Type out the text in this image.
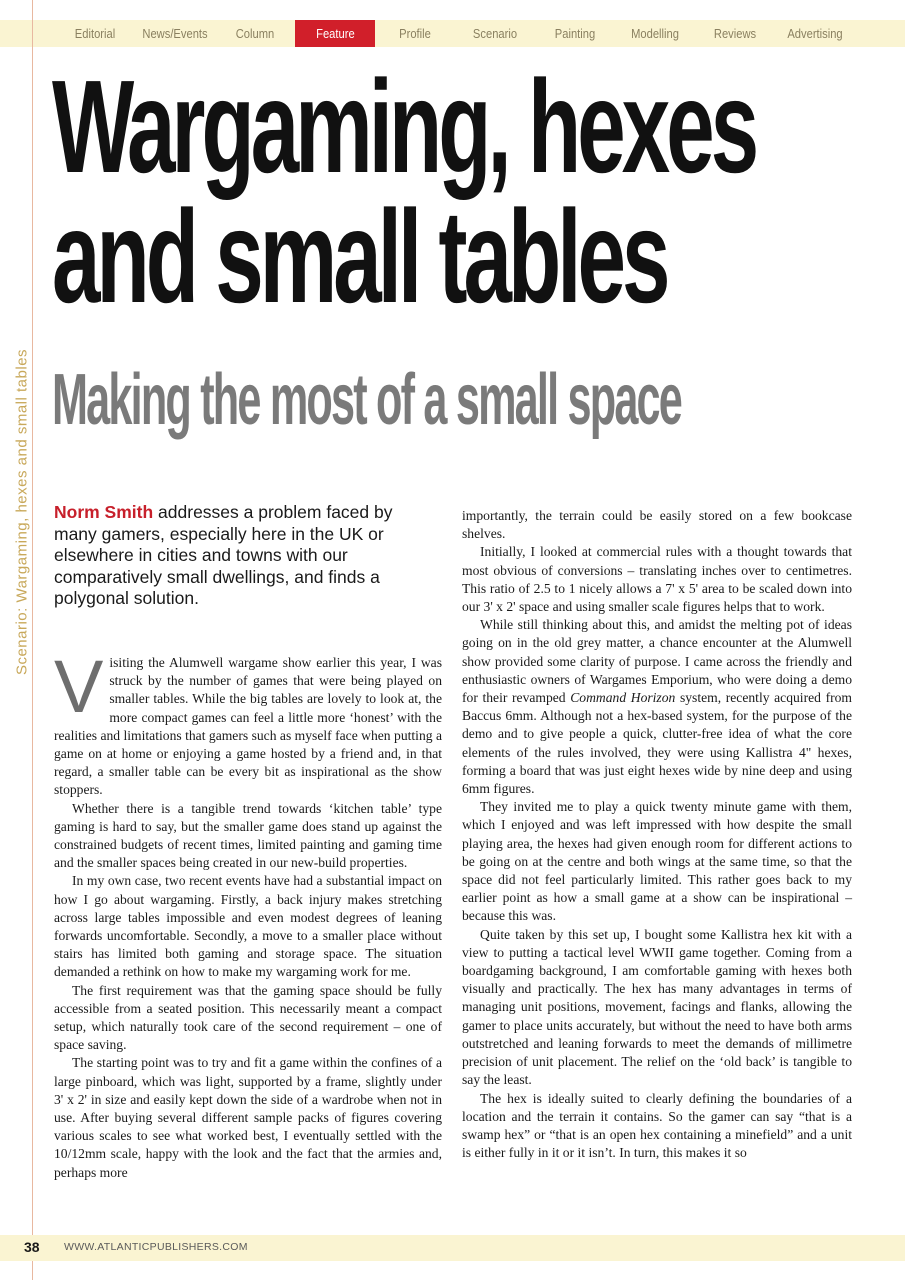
Editorial	News/Events	Column	Feature	Profile	Scenario	Painting	Modelling	Reviews	Advertising
Scenario: Wargaming, hexes and small tables
Wargaming, hexes
and small tables
Making the most of a small space

Norm Smith addresses a problem faced by many gamers, especially here in the UK or elsewhere in cities and towns with our comparatively small dwellings, and finds a polygonal solution.

Visiting the Alumwell wargame show earlier this year, I was struck by the number of games that were being played on smaller tables. While the big tables are lovely to look at, the more compact games can feel a little more ‘honest’ with the realities and limitations that gamers such as myself face when putting a game on at home or enjoying a game hosted by a friend and, in that regard, a smaller table can be every bit as inspirational as the show stoppers.

Whether there is a tangible trend towards ‘kitchen table’ type gaming is hard to say, but the smaller game does stand up against the constrained budgets of recent times, limited painting and gaming time and the smaller spaces being created in our new-build properties.

In my own case, two recent events have had a substantial impact on how I go about wargaming. Firstly, a back injury makes stretching across large tables impossible and even modest degrees of leaning forwards uncomfortable. Secondly, a move to a smaller place without stairs has limited both gaming and storage space. The situation demanded a rethink on how to make my wargaming work for me.

The first requirement was that the gaming space should be fully accessible from a seated position. This necessarily meant a compact setup, which naturally took care of the second requirement – one of space saving.

The starting point was to try and fit a game within the confines of a large pinboard, which was light, supported by a frame, slightly under 3' x 2' in size and easily kept down the side of a wardrobe when not in use. After buying several different sample packs of figures covering various scales to see what worked best, I eventually settled with the 10/12mm scale, happy with the look and the fact that the armies and, perhaps more

importantly, the terrain could be easily stored on a few bookcase shelves.

Initially, I looked at commercial rules with a thought towards that most obvious of conversions – translating inches over to centimetres. This ratio of 2.5 to 1 nicely allows a 7' x 5' area to be scaled down into our 3' x 2' space and using smaller scale figures helps that to work.

While still thinking about this, and amidst the melting pot of ideas going on in the old grey matter, a chance encounter at the Alumwell show provided some clarity of purpose. I came across the friendly and enthusiastic owners of Wargames Emporium, who were doing a demo for their revamped Command Horizon system, recently acquired from Baccus 6mm. Although not a hex-based system, for the purpose of the demo and to give people a quick, clutter-free idea of what the core elements of the rules involved, they were using Kallistra 4" hexes, forming a board that was just eight hexes wide by nine deep and using 6mm figures.

They invited me to play a quick twenty minute game with them, which I enjoyed and was left impressed with how despite the small playing area, the hexes had given enough room for different actions to be going on at the centre and both wings at the same time, so that the space did not feel particularly limited. This rather goes back to my earlier point as how a small game at a show can be inspirational – because this was.

Quite taken by this set up, I bought some Kallistra hex kit with a view to putting a tactical level WWII game together. Coming from a boardgaming background, I am comfortable gaming with hexes both visually and practically. The hex has many advantages in terms of managing unit positions, movement, facings and flanks, allowing the gamer to place units accurately, but without the need to have both arms outstretched and leaning forwards to meet the demands of millimetre precision of unit placement. The relief on the ‘old back’ is tangible to say the least.

The hex is ideally suited to clearly defining the boundaries of a location and the terrain it contains. So the gamer can say “that is a swamp hex” or “that is an open hex containing a minefield” and a unit is either fully in it or it isn’t. In turn, this makes it so

38 WWW.ATLANTICPUBLISHERS.COM
